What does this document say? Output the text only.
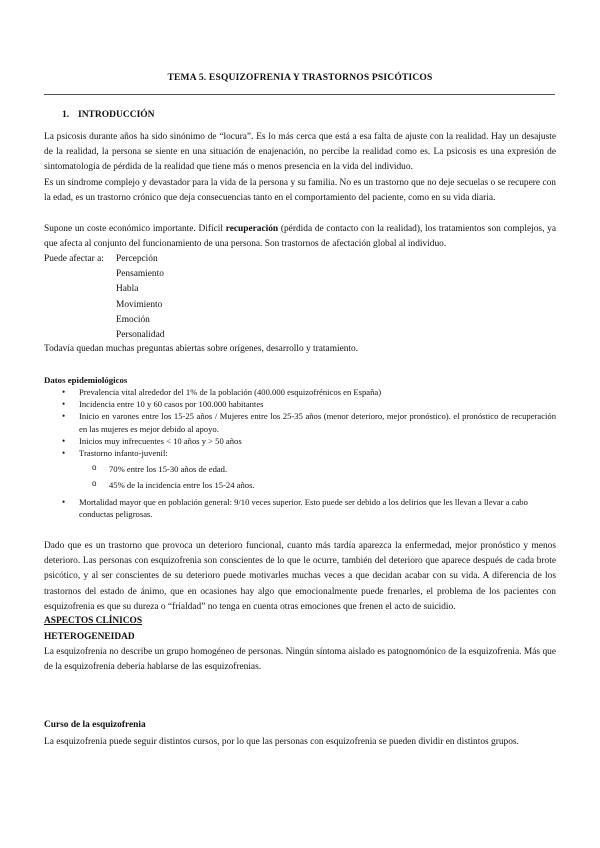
TEMA 5. ESQUIZOFRENIA Y TRASTORNOS PSICÓTICOS
1. INTRODUCCIÓN
La psicosis durante años ha sido sinónimo de “locura”. Es lo más cerca que está a esa falta de ajuste con la realidad. Hay un desajuste de la realidad, la persona se siente en una situación de enajenación, no percibe la realidad como es. La psicosis es una expresión de sintomatología de pérdida de la realidad que tiene más o menos presencia en la vida del individuo.
Es un síndrome complejo y devastador para la vida de la persona y su familia. No es un trastorno que no deje secuelas o se recupere con la edad, es un trastorno crónico que deja consecuencias tanto en el comportamiento del paciente, como en su vida diaria.
Supone un coste económico importante. Difícil recuperación (pérdida de contacto con la realidad), los tratamientos son complejos, ya que afecta al conjunto del funcionamiento de una persona. Son trastornos de afectación global al individuo.
Puede afectar a: Percepción
Pensamiento
Habla
Movimiento
Emoción
Personalidad
Todavía quedan muchas preguntas abiertas sobre orígenes, desarrollo y tratamiento.
Datos epidemiológicos
• Prevalencia vital alrededor del 1% de la población (400.000 esquizofrénicos en España)
• Incidencia entre 10 y 60 casos por 100.000 habitantes
• Inicio en varones entre los 15-25 años / Mujeres entre los 25-35 años (menor deterioro, mejor pronóstico). el pronóstico de recuperación en las mujeres es mejor debido al apoyo.
• Inicios muy infrecuentes < 10 años y > 50 años
• Trastorno infanto-juvenil:
o 70% entre los 15-30 años de edad.
o 45% de la incidencia entre los 15-24 años.
• Mortalidad mayor que en población general: 9/10 veces superior. Esto puede ser debido a los delirios que les llevan a llevar a cabo conductas peligrosas.
Dado que es un trastorno que provoca un deterioro funcional, cuanto más tardía aparezca la enfermedad, mejor pronóstico y menos deterioro. Las personas con esquizofrenia son conscientes de lo que le ocurre, también del deterioro que aparece después de cada brote psicótico, y al ser conscientes de su deterioro puede motivarles muchas veces a que decidan acabar con su vida. A diferencia de los trastornos del estado de ánimo, que en ocasiones hay algo que emocionalmente puede frenarles, el problema de los pacientes con esquizofrenia es que su dureza o “frialdad” no tenga en cuenta otras emociones que frenen el acto de suicidio.
ASPECTOS CLÍNICOS
HETEROGENEIDAD
La esquizofrenia no describe un grupo homogéneo de personas. Ningún síntoma aislado es patognomónico de la esquizofrenia. Más que de la esquizofrenia debería hablarse de las esquizofrenias.
Curso de la esquizofrenia
La esquizofrenia puede seguir distintos cursos, por lo que las personas con esquizofrenia se pueden dividir en distintos grupos.
